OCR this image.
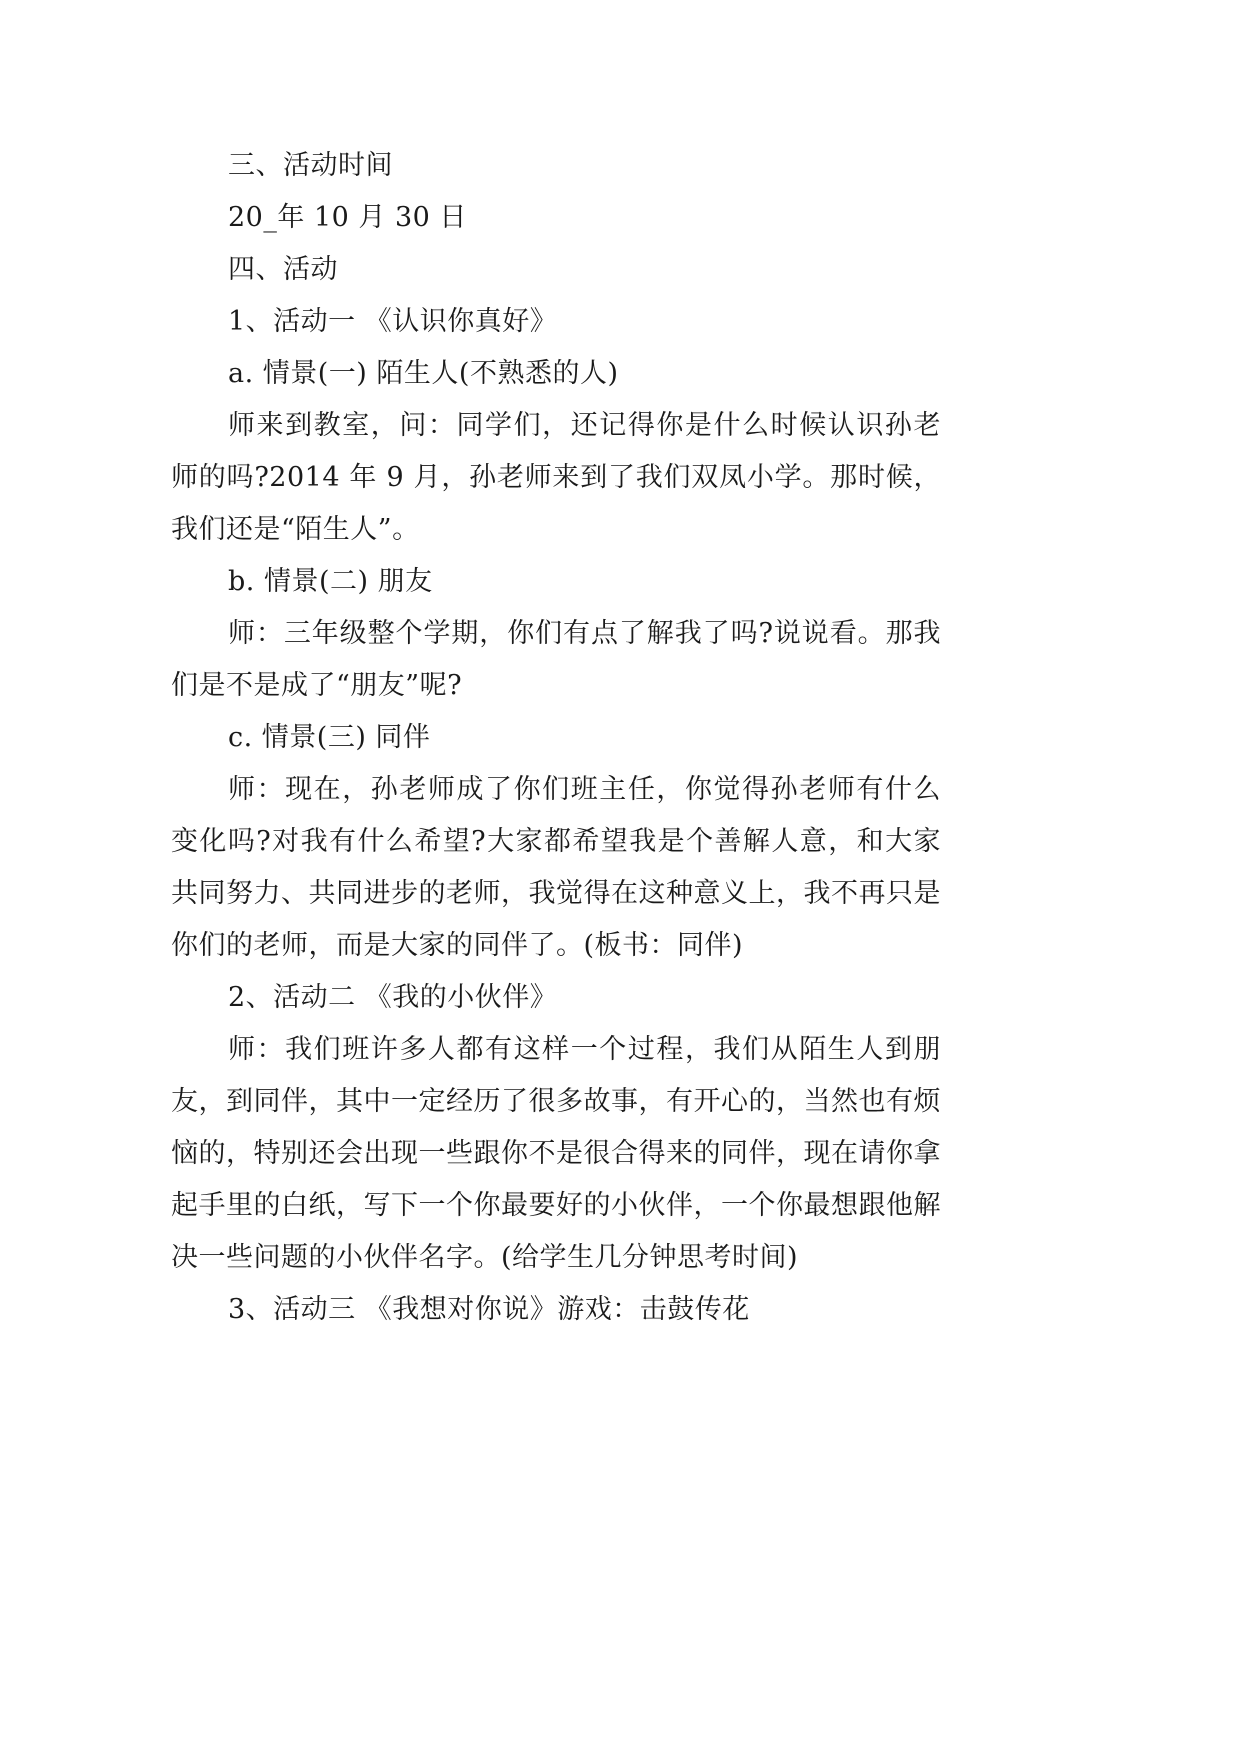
三、活动时间

20_年 10 月 30 日

四、活动

1、活动一 《认识你真好》

a. 情景(一) 陌生人(不熟悉的人)

师来到教室，问：同学们，还记得你是什么时候认识孙老师的吗?2014 年 9 月，孙老师来到了我们双凤小学。那时候，我们还是“陌生人”。

b. 情景(二) 朋友

师：三年级整个学期，你们有点了解我了吗?说说看。那我们是不是成了“朋友”呢?

c. 情景(三) 同伴

师：现在，孙老师成了你们班主任，你觉得孙老师有什么变化吗?对我有什么希望?大家都希望我是个善解人意，和大家共同努力、共同进步的老师，我觉得在这种意义上，我不再只是你们的老师，而是大家的同伴了。(板书：同伴)

2、活动二 《我的小伙伴》

师：我们班许多人都有这样一个过程，我们从陌生人到朋友，到同伴，其中一定经历了很多故事，有开心的，当然也有烦恼的，特别还会出现一些跟你不是很合得来的同伴，现在请你拿起手里的白纸，写下一个你最要好的小伙伴，一个你最想跟他解决一些问题的小伙伴名字。(给学生几分钟思考时间)

3、活动三 《我想对你说》游戏：击鼓传花
